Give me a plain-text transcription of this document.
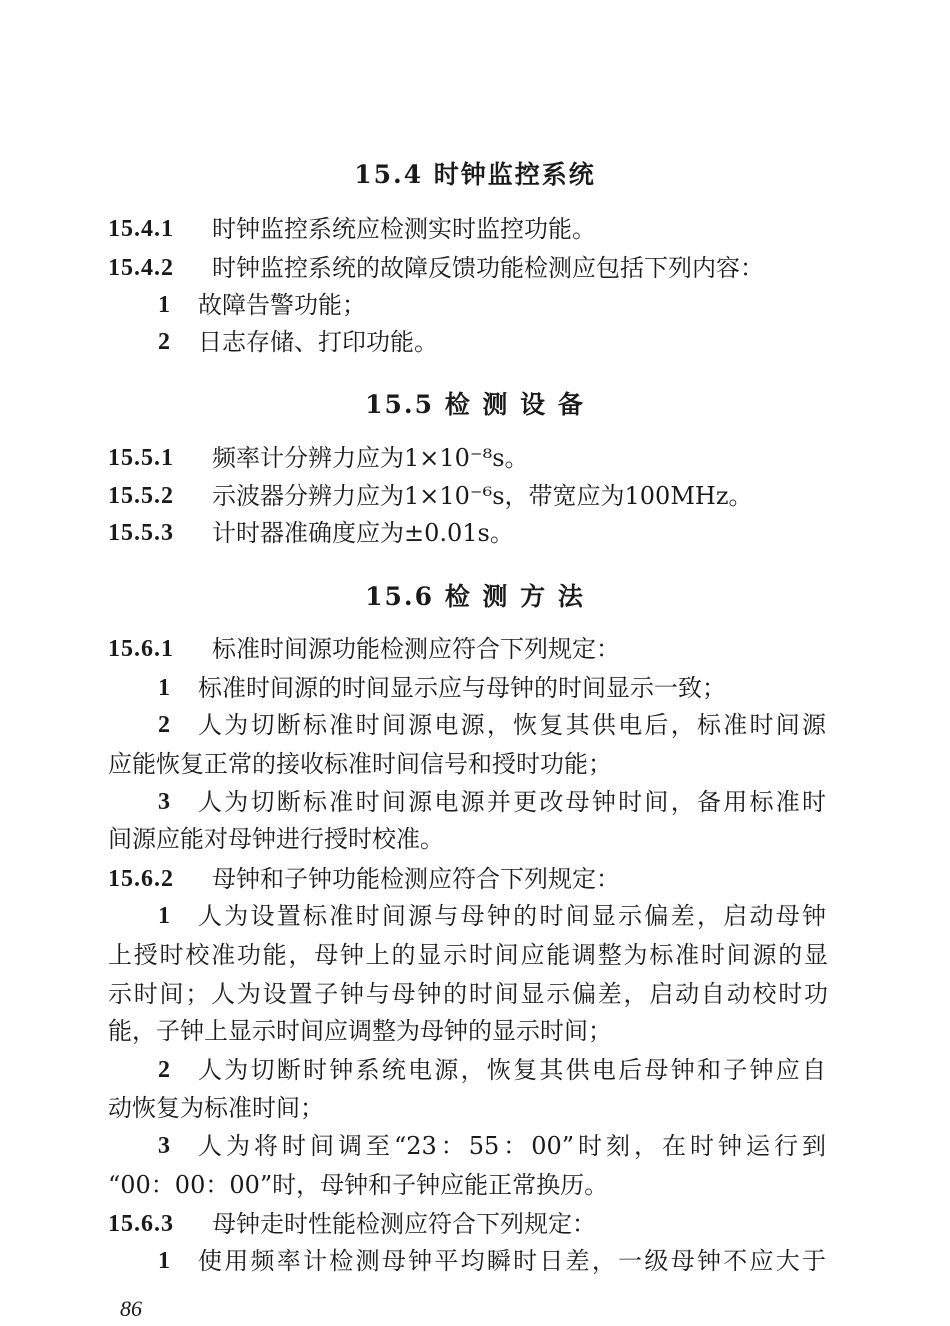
15.4 时钟监控系统
15.4.1 时钟监控系统应检测实时监控功能。
15.4.2 时钟监控系统的故障反馈功能检测应包括下列内容：
1 故障告警功能；
2 日志存储、打印功能。
15.5 检 测 设 备
15.5.1 频率计分辨力应为1×10⁻⁸s。
15.5.2 示波器分辨力应为1×10⁻⁶s，带宽应为100MHz。
15.5.3 计时器准确度应为±0.01s。
15.6 检 测 方 法
15.6.1 标准时间源功能检测应符合下列规定：
1 标准时间源的时间显示应与母钟的时间显示一致；
2 人为切断标准时间源电源，恢复其供电后，标准时间源
应能恢复正常的接收标准时间信号和授时功能；
3 人为切断标准时间源电源并更改母钟时间，备用标准时
间源应能对母钟进行授时校准。
15.6.2 母钟和子钟功能检测应符合下列规定：
1 人为设置标准时间源与母钟的时间显示偏差，启动母钟
上授时校准功能，母钟上的显示时间应能调整为标准时间源的显
示时间；人为设置子钟与母钟的时间显示偏差，启动自动校时功
能，子钟上显示时间应调整为母钟的显示时间；
2 人为切断时钟系统电源，恢复其供电后母钟和子钟应自
动恢复为标准时间；
3 人为将时间调至“23：55：00”时刻，在时钟运行到
“00：00：00”时，母钟和子钟应能正常换历。
15.6.3 母钟走时性能检测应符合下列规定：
1 使用频率计检测母钟平均瞬时日差，一级母钟不应大于
86
